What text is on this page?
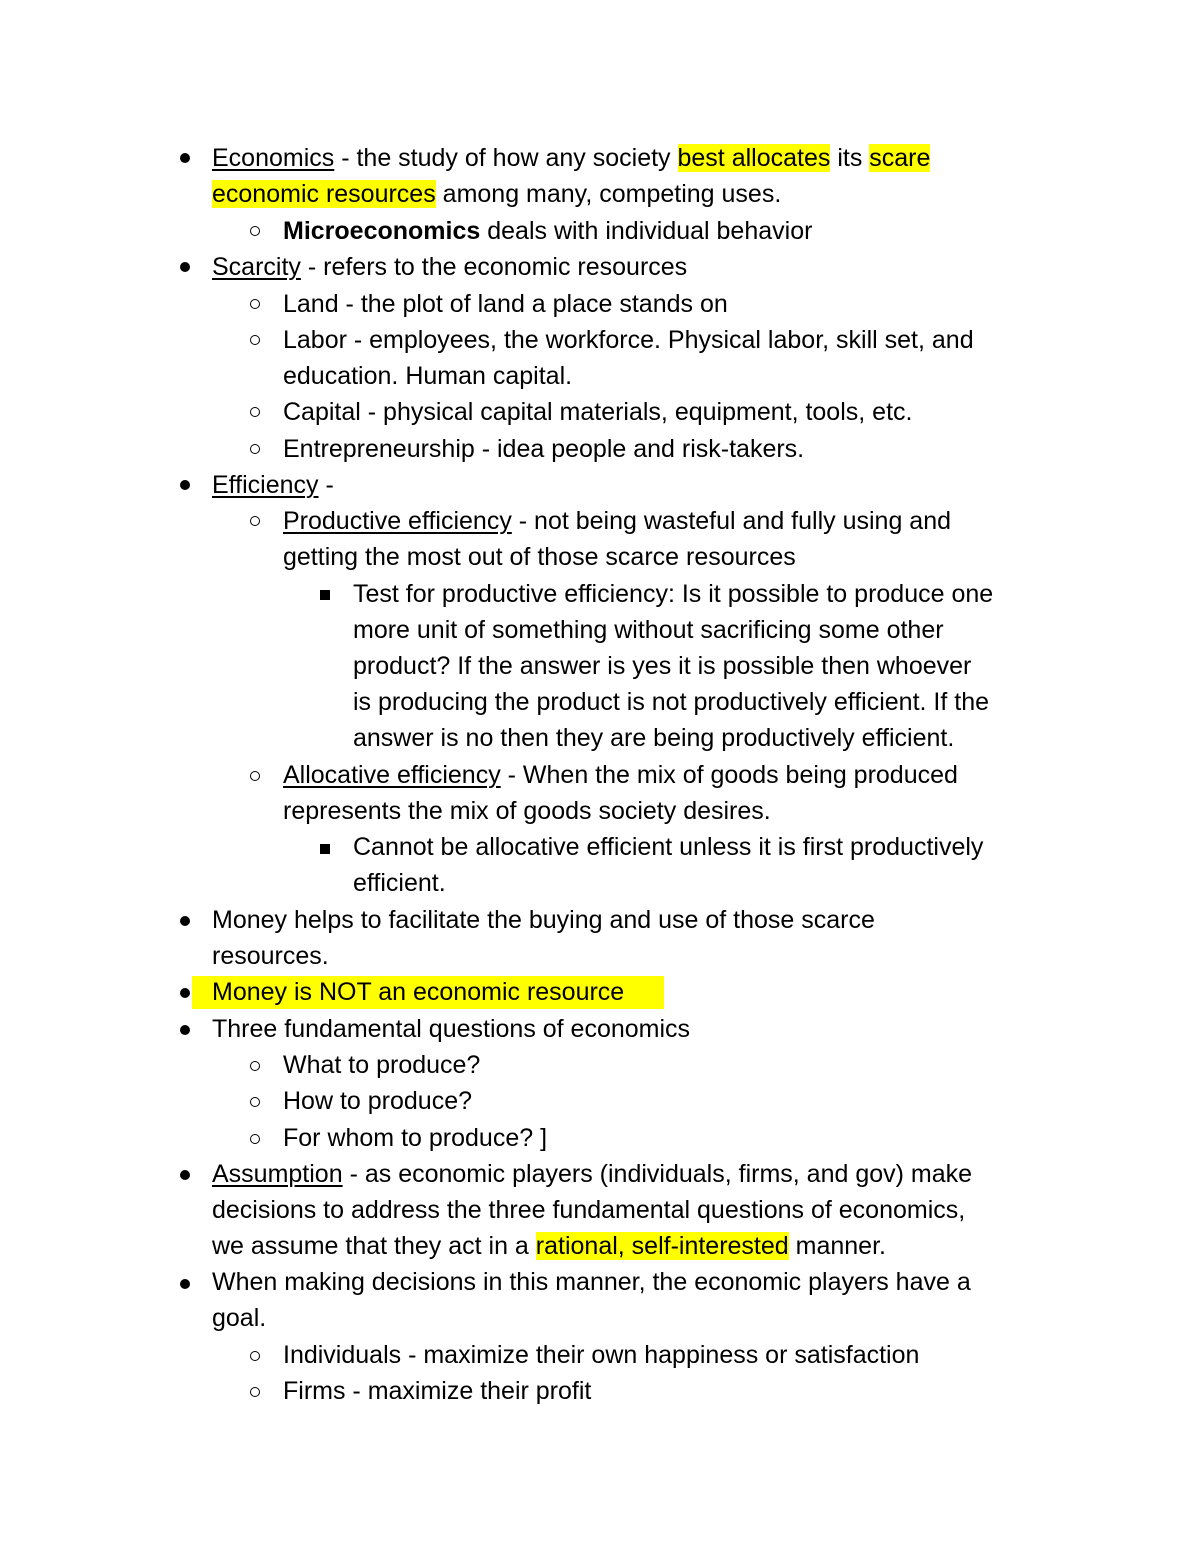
Economics - the study of how any society best allocates its scare
economic resources among many, competing uses.
Microeconomics deals with individual behavior
Scarcity - refers to the economic resources
Land - the plot of land a place stands on
Labor - employees, the workforce. Physical labor, skill set, and
education. Human capital.
Capital - physical capital materials, equipment, tools, etc.
Entrepreneurship - idea people and risk-takers.
Efficiency -
Productive efficiency - not being wasteful and fully using and
getting the most out of those scarce resources
Test for productive efficiency: Is it possible to produce one
more unit of something without sacrificing some other
product? If the answer is yes it is possible then whoever
is producing the product is not productively efficient. If the
answer is no then they are being productively efficient.
Allocative efficiency - When the mix of goods being produced
represents the mix of goods society desires.
Cannot be allocative efficient unless it is first productively
efficient.
Money helps to facilitate the buying and use of those scarce
resources.
Money is NOT an economic resource
Three fundamental questions of economics
What to produce?
How to produce?
For whom to produce? ]
Assumption - as economic players (individuals, firms, and gov) make
decisions to address the three fundamental questions of economics,
we assume that they act in a rational, self-interested manner.
When making decisions in this manner, the economic players have a
goal.
Individuals - maximize their own happiness or satisfaction
Firms - maximize their profit
